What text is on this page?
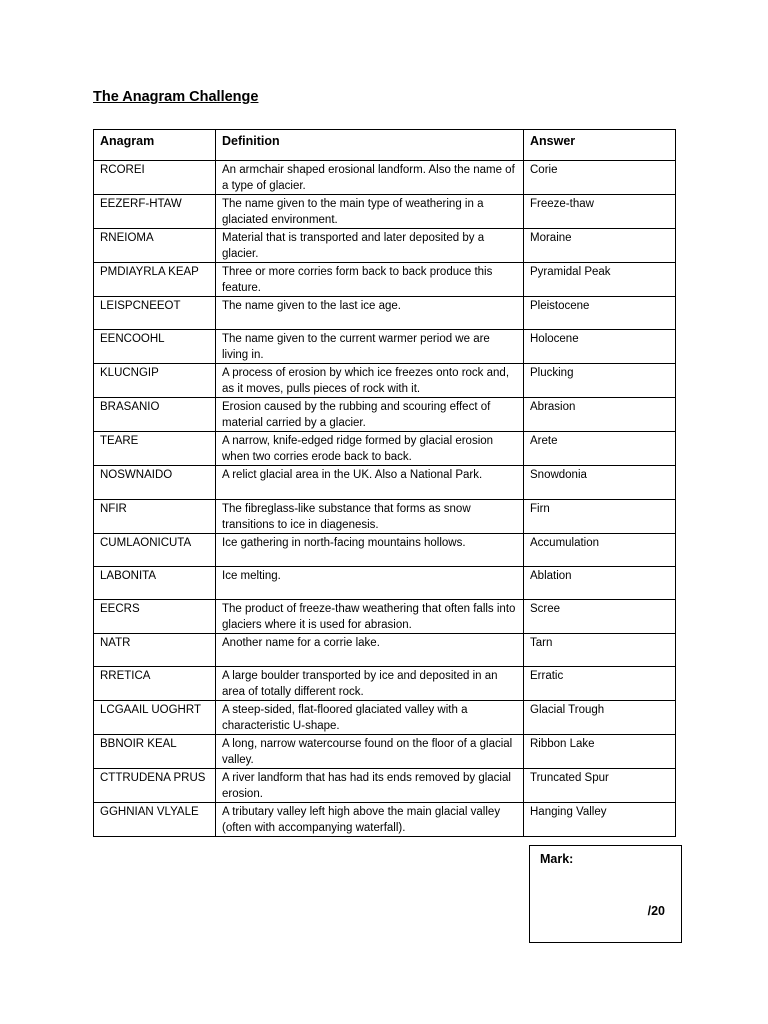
The Anagram Challenge
Anagram	Definition	Answer
RCOREI	An armchair shaped erosional landform. Also the name of a type of glacier.	Corie
EEZERF-HTAW	The name given to the main type of weathering in a glaciated environment.	Freeze-thaw
RNEIOMA	Material that is transported and later deposited by a glacier.	Moraine
PMDIAYRLA KEAP	Three or more corries form back to back produce this feature.	Pyramidal Peak
LEISPCNEEOT	The name given to the last ice age.	Pleistocene
EENCOOHL	The name given to the current warmer period we are living in.	Holocene
KLUCNGIP	A process of erosion by which ice freezes onto rock and, as it moves, pulls pieces of rock with it.	Plucking
BRASANIO	Erosion caused by the rubbing and scouring effect of material carried by a glacier.	Abrasion
TEARE	A narrow, knife-edged ridge formed by glacial erosion when two corries erode back to back.	Arete
NOSWNAIDO	A relict glacial area in the UK. Also a National Park.	Snowdonia
NFIR	The fibreglass-like substance that forms as snow transitions to ice in diagenesis.	Firn
CUMLAONICUTA	Ice gathering in north-facing mountains hollows.	Accumulation
LABONITA	Ice melting.	Ablation
EECRS	The product of freeze-thaw weathering that often falls into glaciers where it is used for abrasion.	Scree
NATR	Another name for a corrie lake.	Tarn
RRETICA	A large boulder transported by ice and deposited in an area of totally different rock.	Erratic
LCGAAIL UOGHRT	A steep-sided, flat-floored glaciated valley with a characteristic U-shape.	Glacial Trough
BBNOIR KEAL	A long, narrow watercourse found on the floor of a glacial valley.	Ribbon Lake
CTTRUDENA PRUS	A river landform that has had its ends removed by glacial erosion.	Truncated Spur
GGHNIAN VLYALE	A tributary valley left high above the main glacial valley (often with accompanying waterfall).	Hanging Valley
Mark:
/20
